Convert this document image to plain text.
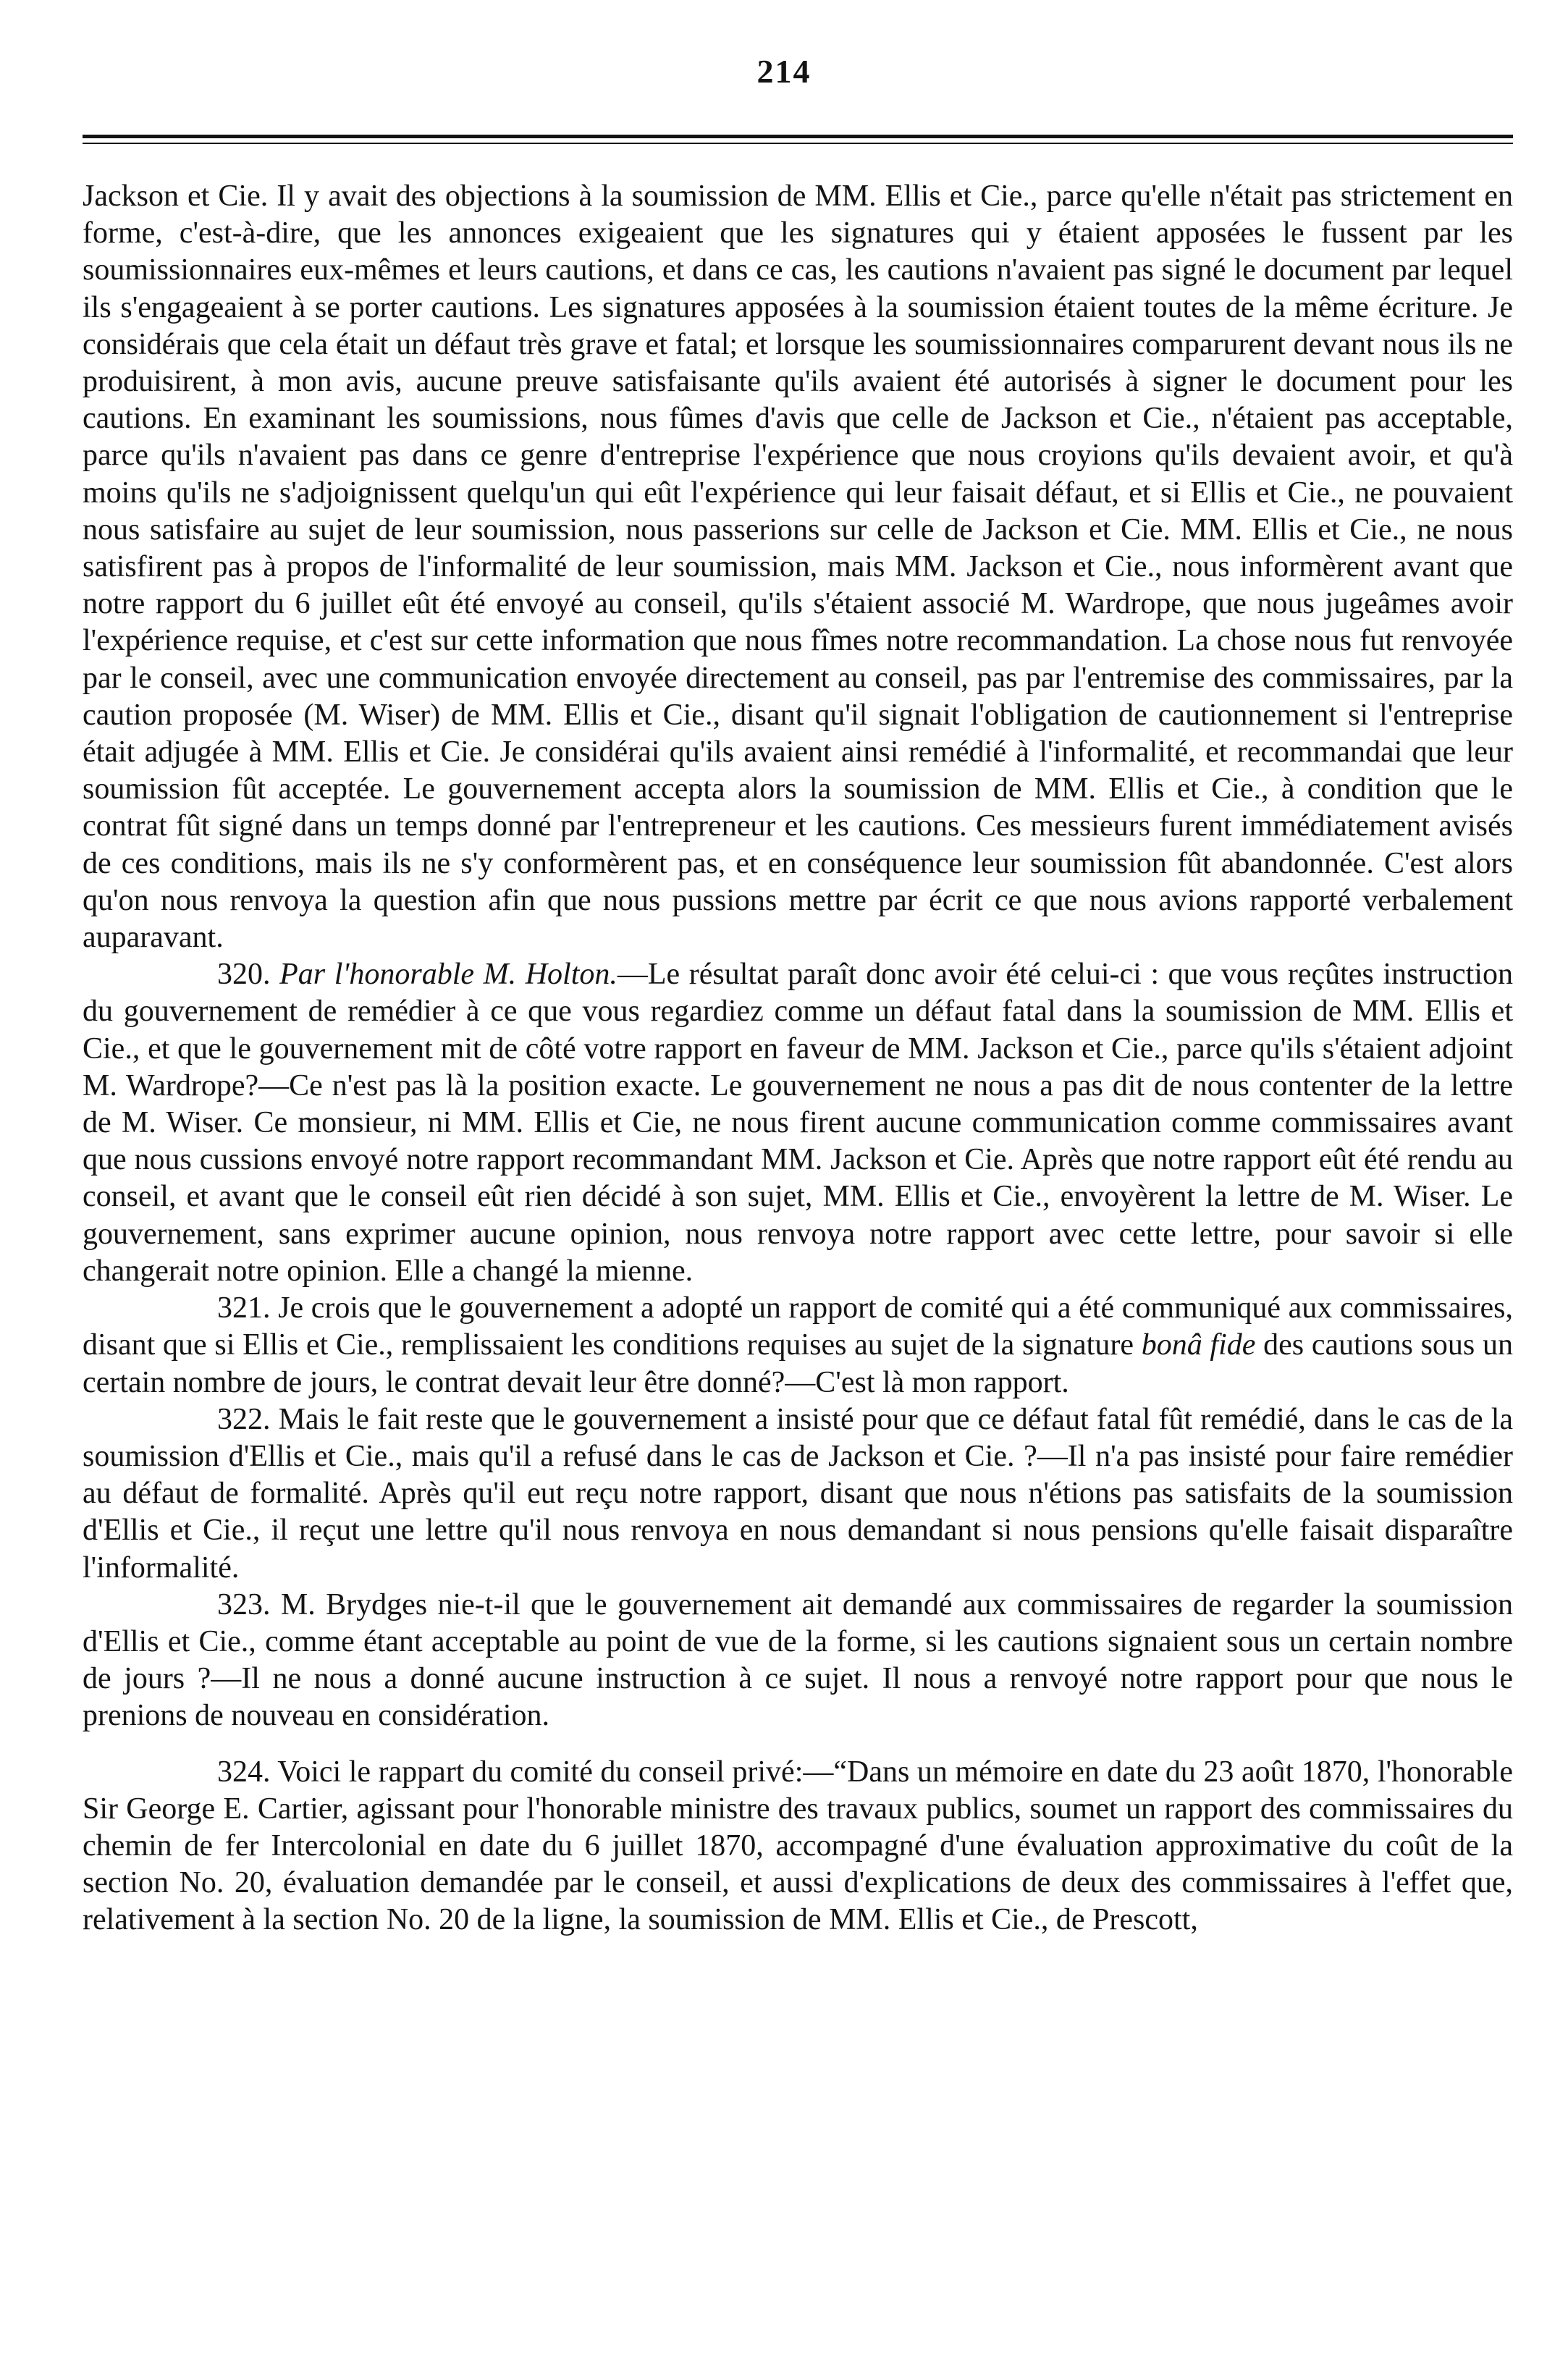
214

Jackson et Cie. Il y avait des objections à la soumission de MM. Ellis et Cie., parce qu'elle n'était pas strictement en forme, c'est-à-dire, que les annonces exigeaient que les signatures qui y étaient apposées le fussent par les soumissionnaires eux-mêmes et leurs cautions, et dans ce cas, les cautions n'avaient pas signé le document par lequel ils s'engageaient à se porter cautions. Les signatures apposées à la soumission étaient toutes de la même écriture. Je considérais que cela était un défaut très grave et fatal; et lorsque les soumissionnaires comparurent devant nous ils ne produisirent, à mon avis, aucune preuve satisfaisante qu'ils avaient été autorisés à signer le document pour les cautions. En examinant les soumissions, nous fûmes d'avis que celle de Jackson et Cie., n'étaient pas acceptable, parce qu'ils n'avaient pas dans ce genre d'entreprise l'expérience que nous croyions qu'ils devaient avoir, et qu'à moins qu'ils ne s'adjoignissent quelqu'un qui eût l'expérience qui leur faisait défaut, et si Ellis et Cie., ne pouvaient nous satisfaire au sujet de leur soumission, nous passerions sur celle de Jackson et Cie. MM. Ellis et Cie., ne nous satisfirent pas à propos de l'informalité de leur soumission, mais MM. Jackson et Cie., nous informèrent avant que notre rapport du 6 juillet eût été envoyé au conseil, qu'ils s'étaient associé M. Wardrope, que nous jugeâmes avoir l'expérience requise, et c'est sur cette information que nous fîmes notre recommandation. La chose nous fut renvoyée par le conseil, avec une communication envoyée directement au conseil, pas par l'entremise des commissaires, par la caution proposée (M. Wiser) de MM. Ellis et Cie., disant qu'il signait l'obligation de cautionnement si l'entreprise était adjugée à MM. Ellis et Cie. Je considérai qu'ils avaient ainsi remédié à l'informalité, et recommandai que leur soumission fût acceptée. Le gouvernement accepta alors la soumission de MM. Ellis et Cie., à condition que le contrat fût signé dans un temps donné par l'entrepreneur et les cautions. Ces messieurs furent immédiatement avisés de ces conditions, mais ils ne s'y conformèrent pas, et en conséquence leur soumission fût abandonnée. C'est alors qu'on nous renvoya la question afin que nous pussions mettre par écrit ce que nous avions rapporté verbalement auparavant.

320. Par l'honorable M. Holton.—Le résultat paraît donc avoir été celui-ci : que vous reçûtes instruction du gouvernement de remédier à ce que vous regardiez comme un défaut fatal dans la soumission de MM. Ellis et Cie., et que le gouvernement mit de côté votre rapport en faveur de MM. Jackson et Cie., parce qu'ils s'étaient adjoint M. Wardrope?—Ce n'est pas là la position exacte. Le gouvernement ne nous a pas dit de nous contenter de la lettre de M. Wiser. Ce monsieur, ni MM. Ellis et Cie, ne nous firent aucune communication comme commissaires avant que nous cussions envoyé notre rapport recommandant MM. Jackson et Cie. Après que notre rapport eût été rendu au conseil, et avant que le conseil eût rien décidé à son sujet, MM. Ellis et Cie., envoyèrent la lettre de M. Wiser. Le gouvernement, sans exprimer aucune opinion, nous renvoya notre rapport avec cette lettre, pour savoir si elle changerait notre opinion. Elle a changé la mienne.

321. Je crois que le gouvernement a adopté un rapport de comité qui a été communiqué aux commissaires, disant que si Ellis et Cie., remplissaient les conditions requises au sujet de la signature bonâ fide des cautions sous un certain nombre de jours, le contrat devait leur être donné?—C'est là mon rapport.

322. Mais le fait reste que le gouvernement a insisté pour que ce défaut fatal fût remédié, dans le cas de la soumission d'Ellis et Cie., mais qu'il a refusé dans le cas de Jackson et Cie. ?—Il n'a pas insisté pour faire remédier au défaut de formalité. Après qu'il eut reçu notre rapport, disant que nous n'étions pas satisfaits de la soumission d'Ellis et Cie., il reçut une lettre qu'il nous renvoya en nous demandant si nous pensions qu'elle faisait disparaître l'informalité.

323. M. Brydges nie-t-il que le gouvernement ait demandé aux commissaires de regarder la soumission d'Ellis et Cie., comme étant acceptable au point de vue de la forme, si les cautions signaient sous un certain nombre de jours ?—Il ne nous a donné aucune instruction à ce sujet. Il nous a renvoyé notre rapport pour que nous le prenions de nouveau en considération.

324. Voici le rappart du comité du conseil privé:—“Dans un mémoire en date du 23 août 1870, l'honorable Sir George E. Cartier, agissant pour l'honorable ministre des travaux publics, soumet un rapport des commissaires du chemin de fer Intercolonial en date du 6 juillet 1870, accompagné d'une évaluation approximative du coût de la section No. 20, évaluation demandée par le conseil, et aussi d'explications de deux des commissaires à l'effet que, relativement à la section No. 20 de la ligne, la soumission de MM. Ellis et Cie., de Prescott,
